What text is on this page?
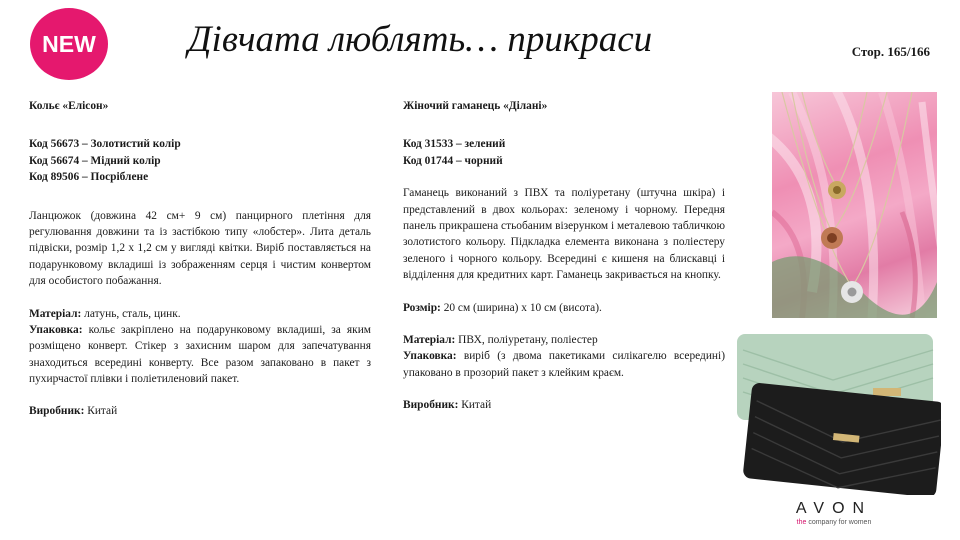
NEW Дівчата люблять… прикраси	Стор. 165/166

Кольє «Елісон»

Код 56673 – Золотистий колір

Код 56674 – Мідний колір

Код 89506 – Посріблене

Ланцюжок (довжина 42 см+ 9 см) панцирного плетіння для регулювання довжини та із застібкою типу «лобстер». Лита деталь підвіски, розмір 1,2 х 1,2 см у вигляді квітки. Виріб поставляється на подарунковому вкладиші із зображенням серця і чистим конвертом для особистого побажання.

Матеріал: латунь, сталь, цинк.

Упаковка: кольє закріплено на подарунковому вкладиші, за яким розміщено конверт. Стікер з захисним шаром для запечатування знаходиться всередині конверту. Все разом запаковано в пакет з пухирчастої плівки і поліетиленовий пакет.

Виробник: Китай

Жіночий гаманець «Ділані»

Код 31533 – зелений

Код 01744 – чорний

Гаманець виконаний з ПВХ та поліуретану (штучна шкіра) і представлений в двох кольорах: зеленому і чорному. Передня панель прикрашена стьобаним візерунком і металевою табличкою золотистого кольору. Підкладка елемента виконана з поліестеру зеленого і чорного кольору. Всередині є кишеня на блискавці і відділення для кредитних карт. Гаманець закривається на кнопку.

Розмір: 20 см (ширина) х 10 см (висота).

Матеріал: ПВХ, поліуретану, поліестер

Упаковка: виріб (з двома пакетиками силікагелю всередині) упаковано в прозорий пакет з клейким краєм.

Виробник: Китай

AVON
the company for women
